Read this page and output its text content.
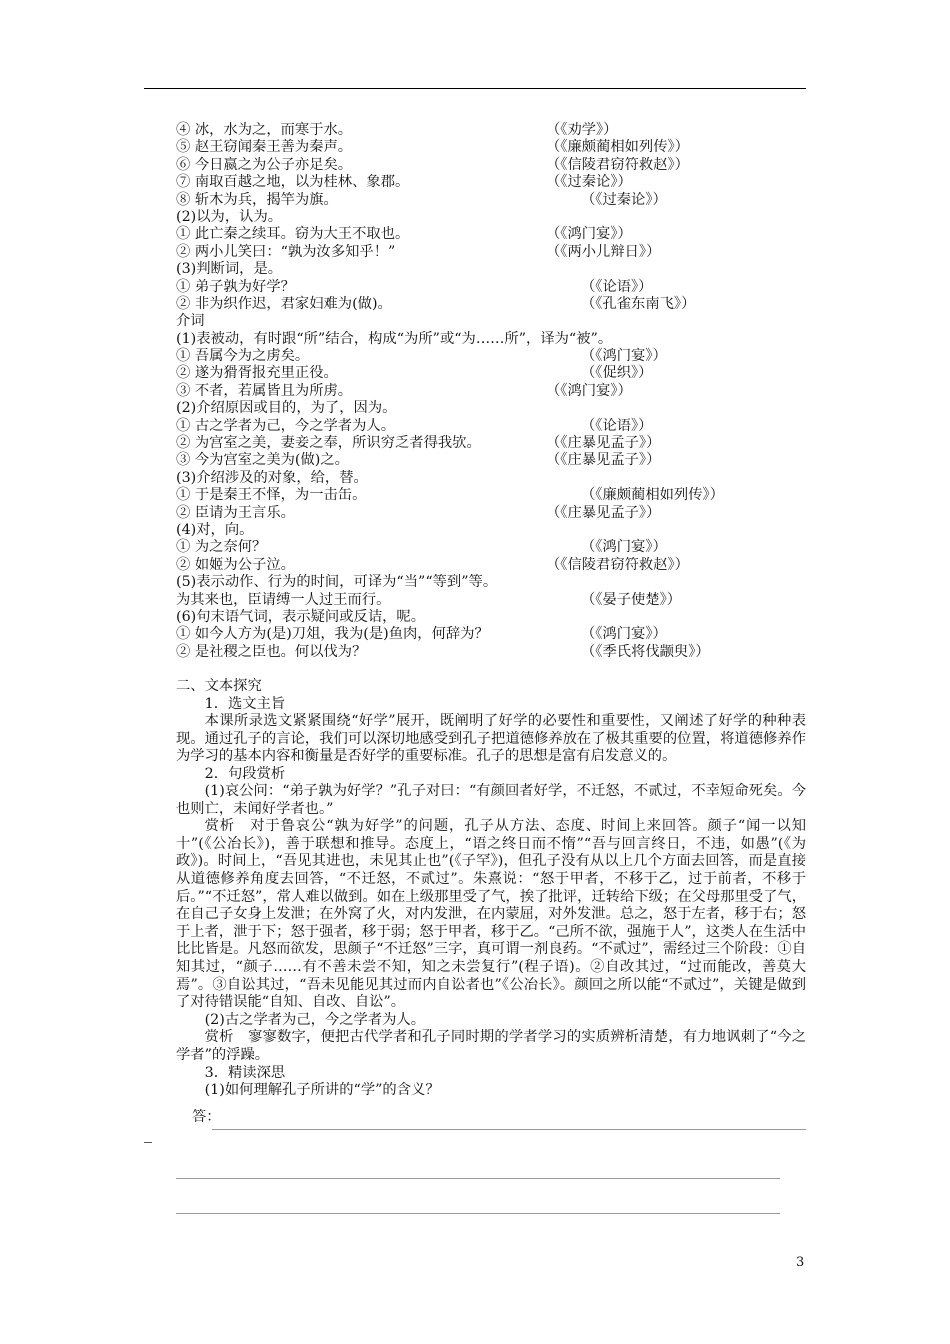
④ 冰，水为之，而寒于水。	（《劝学》）
⑤ 赵王窃闻秦王善为秦声。	（《廉颇蔺相如列传》）
⑥ 今日嬴之为公子亦足矣。	（《信陵君窃符救赵》）
⑦ 南取百越之地，以为桂林、象郡。	（《过秦论》）
⑧ 斩木为兵，揭竿为旗。	（《过秦论》）
(2)以为，认为。
① 此亡秦之续耳。窃为大王不取也。	（《鸿门宴》）
② 两小儿笑曰：“孰为汝多知乎！”	（《两小儿辩日》）
(3)判断词，是。
① 弟子孰为好学？	（《论语》）
② 非为织作迟，君家妇难为(做)。	（《孔雀东南飞》）
介词
(1)表被动，有时跟“所”结合，构成“为所”或“为……所”，译为“被”。
① 吾属今为之虏矣。	（《鸿门宴》）
② 遂为猾胥报充里正役。	（《促织》）
③ 不者，若属皆且为所虏。	（《鸿门宴》）
(2)介绍原因或目的，为了，因为。
① 古之学者为己，今之学者为人。	（《论语》）
② 为宫室之美，妻妾之奉，所识穷乏者得我欤。	（《庄暴见孟子》）
③ 今为宫室之美为(做)之。	（《庄暴见孟子》）
(3)介绍涉及的对象，给，替。
① 于是秦王不怿，为一击缶。	（《廉颇蔺相如列传》）
② 臣请为王言乐。	（《庄暴见孟子》）
(4)对，向。
① 为之奈何？	（《鸿门宴》）
② 如姬为公子泣。	（《信陵君窃符救赵》）
(5)表示动作、行为的时间，可译为“当”“等到”等。
为其来也，臣请缚一人过王而行。	（《晏子使楚》）
(6)句末语气词，表示疑问或反诘，呢。
① 如今人方为(是)刀俎，我为(是)鱼肉，何辞为？	（《鸿门宴》）
② 是社稷之臣也。何以伐为？	（《季氏将伐颛臾》）
二、文本探究
1．选文主旨
本课所录选文紧紧围绕“好学”展开，既阐明了好学的必要性和重要性，又阐述了好学的种种表现。通过孔子的言论，我们可以深切地感受到孔子把道德修养放在了极其重要的位置，将道德修养作为学习的基本内容和衡量是否好学的重要标准。孔子的思想是富有启发意义的。
2．句段赏析
(1)哀公问：“弟子孰为好学？”孔子对曰：“有颜回者好学，不迁怒，不贰过，不幸短命死矣。今也则亡，未闻好学者也。”
赏析　对于鲁哀公“孰为好学”的问题，孔子从方法、态度、时间上来回答。颜子“闻一以知十”(《公冶长》)，善于联想和推导。态度上，“语之终日而不惰”“吾与回言终日，不违，如愚”(《为政》)。时间上，“吾见其进也，未见其止也”(《子罕》)，但孔子没有从以上几个方面去回答，而是直接从道德修养角度去回答，“不迁怒，不贰过”。朱熹说：“怒于甲者，不移于乙，过于前者，不移于后。”“不迁怒”，常人难以做到。如在上级那里受了气，挨了批评，迁转给下级；在父母那里受了气，在自己子女身上发泄；在外窝了火，对内发泄，在内蒙屈，对外发泄。总之，怒于左者，移于右；怒于上者，泄于下；怒于强者，移于弱；怒于甲者，移于乙。“己所不欲，强施于人”，这类人在生活中比比皆是。凡怒而欲发，思颜子“不迁怒”三字，真可谓一剂良药。“不贰过”，需经过三个阶段：①自知其过，“颜子……有不善未尝不知，知之未尝复行”(程子语)。②自改其过，“过而能改，善莫大焉”。③自讼其过，“吾未见能见其过而内自讼者也”《公冶长》。颜回之所以能“不贰过”，关键是做到了对待错误能“自知、自改、自讼”。
(2)古之学者为己，今之学者为人。
赏析　寥寥数字，便把古代学者和孔子同时期的学者学习的实质辨析清楚，有力地讽刺了“今之学者”的浮躁。
3．精读深思
(1)如何理解孔子所讲的“学”的含义？
答：
3
